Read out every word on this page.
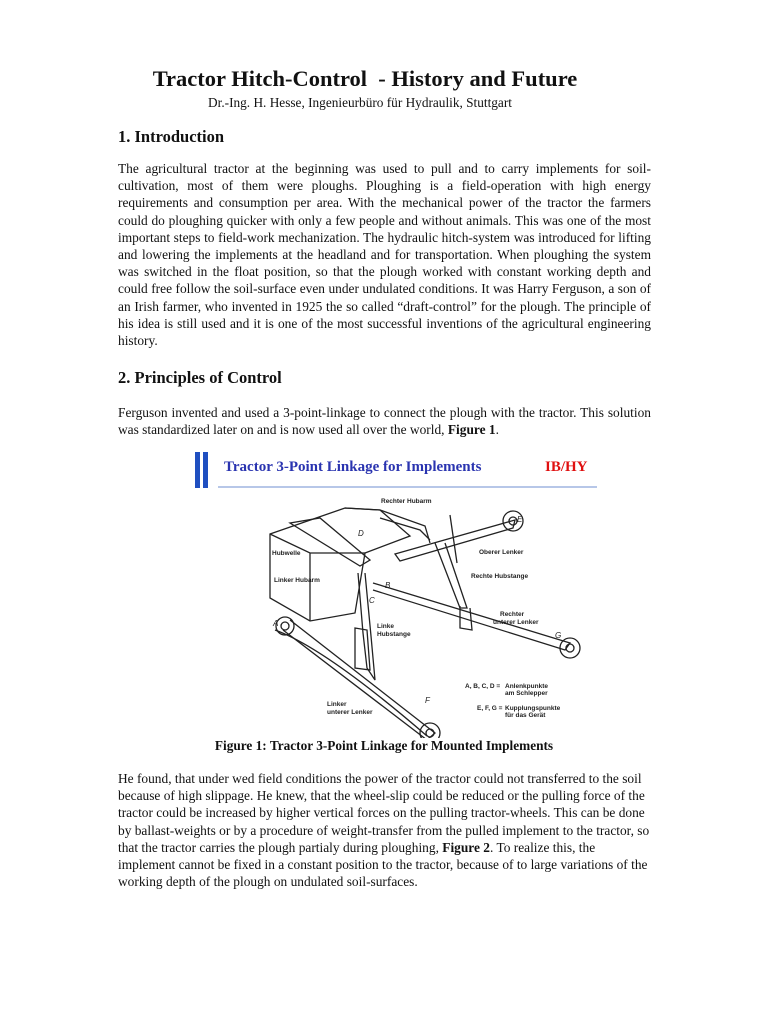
Tractor Hitch-Control  - History and Future
Dr.-Ing. H. Hesse, Ingenieurbüro für Hydraulik, Stuttgart
1. Introduction

The agricultural tractor at the beginning was used to pull and to carry implements for soil-cultivation, most of them were ploughs. Ploughing is a field-operation with high energy requirements and consumption per area. With the mechanical power of the tractor the farmers could do ploughing quicker with only a few people and without animals. This was one of the most important steps to field-work mechanization. The hydraulic hitch-system was introduced for lifting and lowering the implements at the headland and for transportation. When ploughing the system was switched in the float position, so that the plough worked with constant working depth and could free follow the soil-surface even under undulated conditions. It was Harry Ferguson, a son of an Irish farmer, who invented in 1925 the so called “draft-control” for the plough. The principle of his idea is still used and it is one of the most successful inventions of the agricultural engineering history.

2. Principles of Control

Ferguson invented and used a 3-point-linkage to connect the plough with the tractor. This solution was standardized later on and is now used all over the world, Figure 1.

Tractor 3-Point Linkage for Implements	IB/HY
Rechter Hubarm
Hubwelle
Linker Hubarm
Oberer Lenker
Rechte Hubstange
Rechter
unterer Lenker
Linke
Hubstange
Linker
unterer Lenker
A, B, C, D = Anlenkpunkte
am Schlepper
E, F, G = Kupplungspunkte
für das Gerät
A
B
C
D
E
F
G
Figure 1: Tractor 3-Point Linkage for Mounted Implements

He found, that under wed field conditions the power of the tractor could not transferred to the soil because of high slippage. He knew, that the wheel-slip could be reduced or the pulling force of the tractor could be increased by higher vertical forces on the pulling tractor-wheels. This can be done by ballast-weights or by a procedure of weight-transfer from the pulled implement to the tractor, so that the tractor carries the plough partialy during ploughing, Figure 2. To realize this, the implement cannot be fixed in a constant position to the tractor, because of to large variations of the working depth of the plough on undulated soil-surfaces.
